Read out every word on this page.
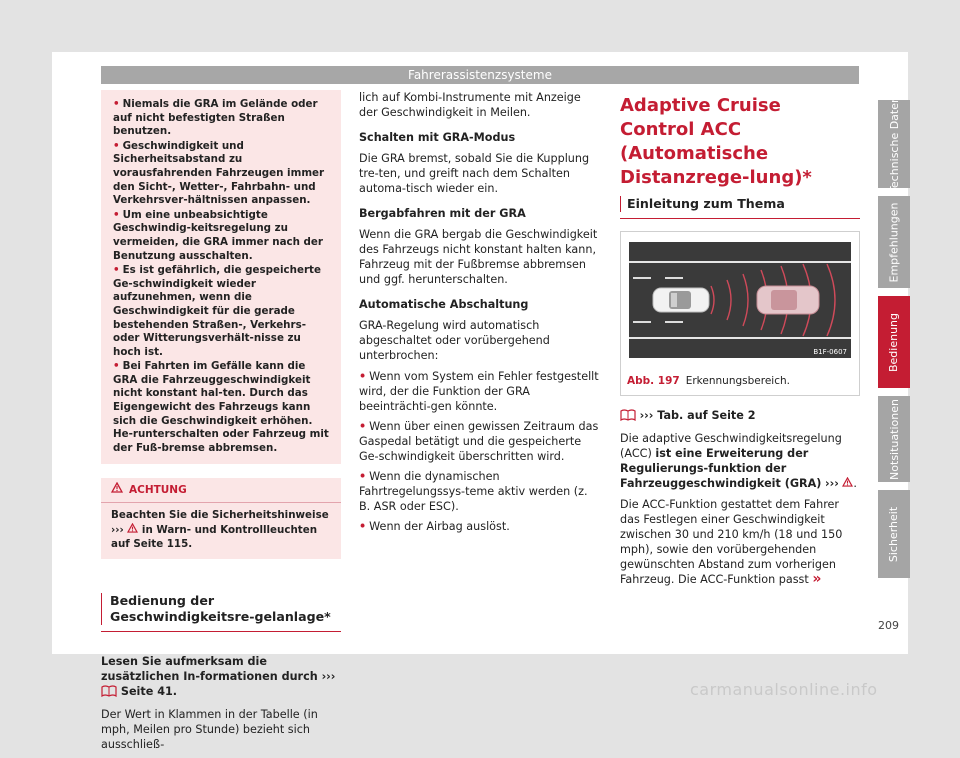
Fahrerassistenzsysteme
Technische Daten
Empfehlungen
Bedienung
Notsituationen
Sicherheit
• Niemals die GRA im Gelände oder auf nicht befestigten Straßen benutzen.
• Geschwindigkeit und Sicherheitsabstand zu vorausfahrenden Fahrzeugen immer den Sicht-, Wetter-, Fahrbahn- und Verkehrsver-hältnissen anpassen.
• Um eine unbeabsichtigte Geschwindig-keitsregelung zu vermeiden, die GRA immer nach der Benutzung ausschalten.
• Es ist gefährlich, die gespeicherte Ge-schwindigkeit wieder aufzunehmen, wenn die Geschwindigkeit für die gerade bestehenden Straßen-, Verkehrs- oder Witterungsverhält-nisse zu hoch ist.
• Bei Fahrten im Gefälle kann die GRA die Fahrzeuggeschwindigkeit nicht konstant hal-ten. Durch das Eigengewicht des Fahrzeugs kann sich die Geschwindigkeit erhöhen. He-runterschalten oder Fahrzeug mit der Fuß-bremse abbremsen.
ACHTUNG
Beachten Sie die Sicherheitshinweise ››› in Warn- und Kontrollleuchten auf Seite 115.
Bedienung der Geschwindigkeitsre-gelanlage*

Lesen Sie aufmerksam die zusätzlichen In-formationen durch ›››  Seite 41.

Der Wert in Klammen in der Tabelle (in mph, Meilen pro Stunde) bezieht sich ausschließ-

lich auf Kombi-Instrumente mit Anzeige der Geschwindigkeit in Meilen.

Schalten mit GRA-Modus

Die GRA bremst, sobald Sie die Kupplung tre-ten, und greift nach dem Schalten automa-tisch wieder ein.

Bergabfahren mit der GRA

Wenn die GRA bergab die Geschwindigkeit des Fahrzeugs nicht konstant halten kann, Fahrzeug mit der Fußbremse abbremsen und ggf. herunterschalten.

Automatische Abschaltung

GRA-Regelung wird automatisch abgeschaltet oder vorübergehend unterbrochen:

• Wenn vom System ein Fehler festgestellt wird, der die Funktion der GRA beeinträchti-gen könnte.
• Wenn über einen gewissen Zeitraum das Gaspedal betätigt und die gespeicherte Ge-schwindigkeit überschritten wird.
• Wenn die dynamischen Fahrtregelungssys-teme aktiv werden (z. B. ASR oder ESC).
• Wenn der Airbag auslöst.
Adaptive Cruise Control ACC (Automatische Distanzrege-lung)*
Einleitung zum Thema
B1F-0607
Abb. 197 Erkennungsbereich.

››› Tab. auf Seite 2

Die adaptive Geschwindigkeitsregelung (ACC) ist eine Erweiterung der Regulierungs-funktion der Fahrzeuggeschwindigkeit (GRA) ››› .

Die ACC-Funktion gestattet dem Fahrer das Festlegen einer Geschwindigkeit zwischen 30 und 210 km/h (18 und 150 mph), sowie den vorübergehenden gewünschten Abstand zum vorherigen Fahrzeug. Die ACC-Funktion passt »

209
carmanualsonline.info
